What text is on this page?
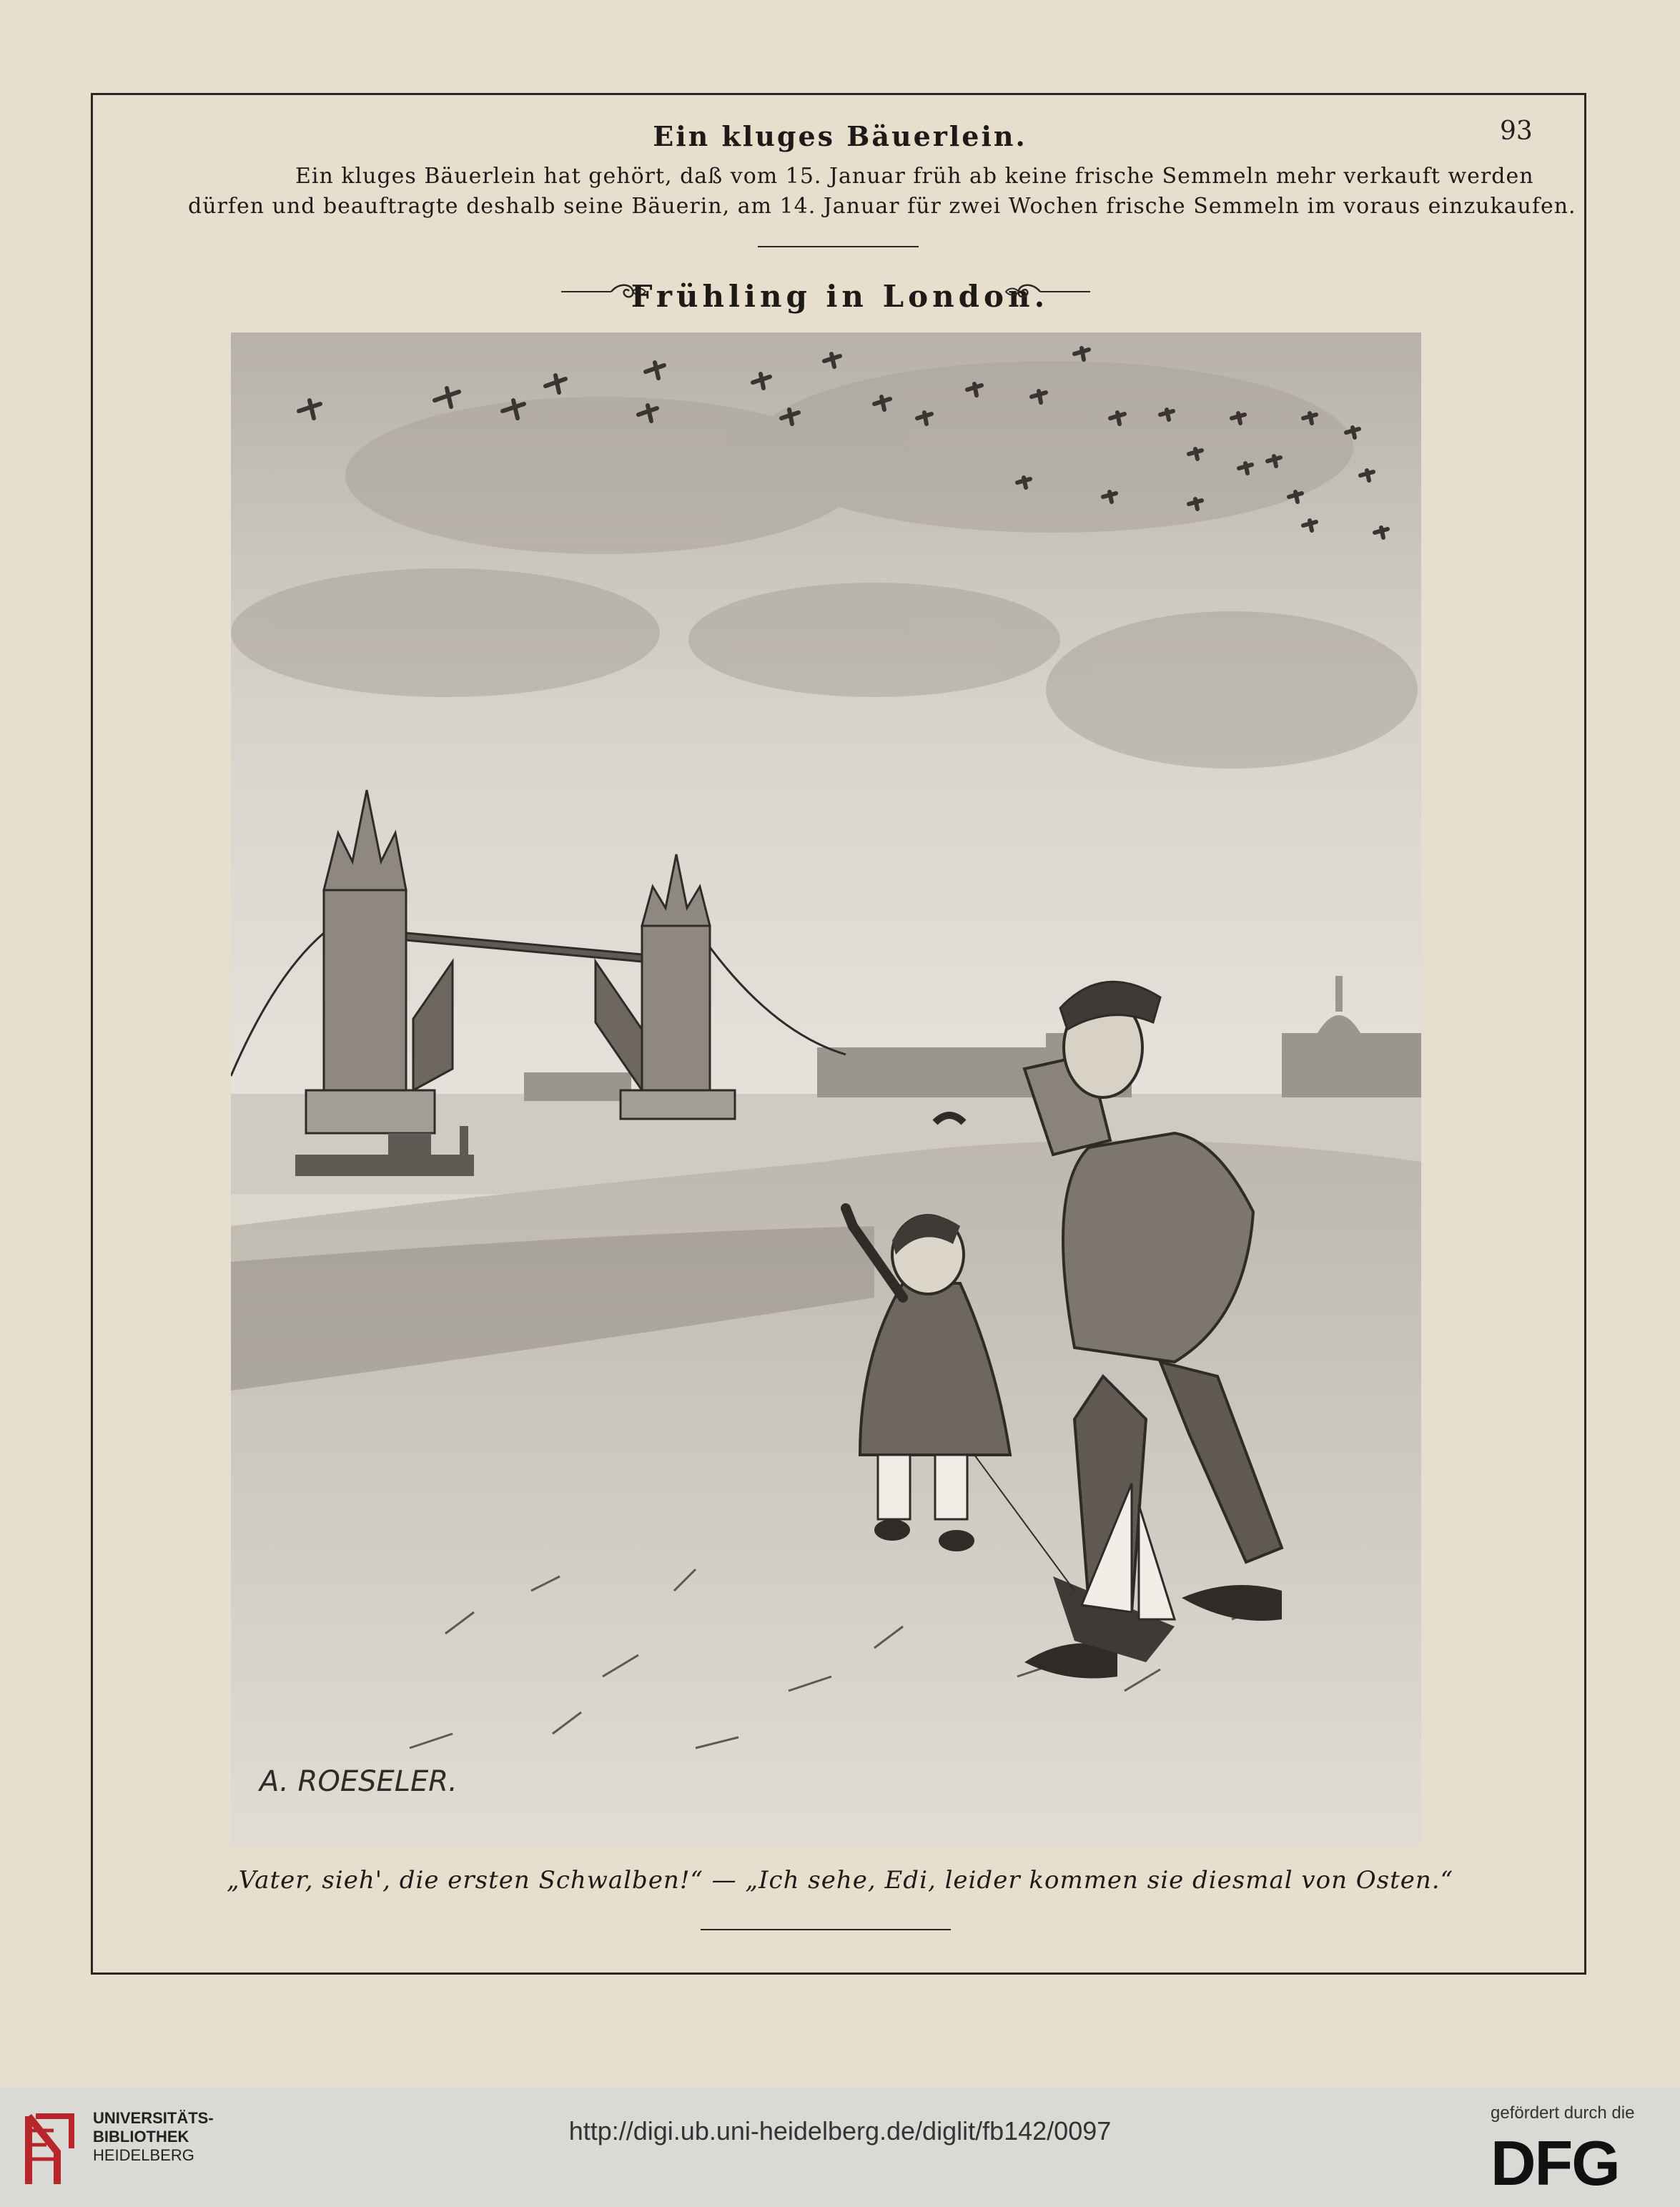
93
Ein kluges Bäuerlein.
Ein kluges Bäuerlein hat gehört, daß vom 15. Januar früh ab keine frische Semmeln mehr verkauft werden
dürfen und beauftragte deshalb seine Bäuerin, am 14. Januar für zwei Wochen frische Semmeln im voraus einzukaufen.
Frühling in London.
A. ROESELER.
„Vater, sieh', die ersten Schwalben!“ — „Ich sehe, Edi, leider kommen sie diesmal von Osten.“
UNIVERSITÄTS-
BIBLIOTHEK
HEIDELBERG
http://digi.ub.uni-heidelberg.de/diglit/fb142/0097
gefördert durch die
DFG
